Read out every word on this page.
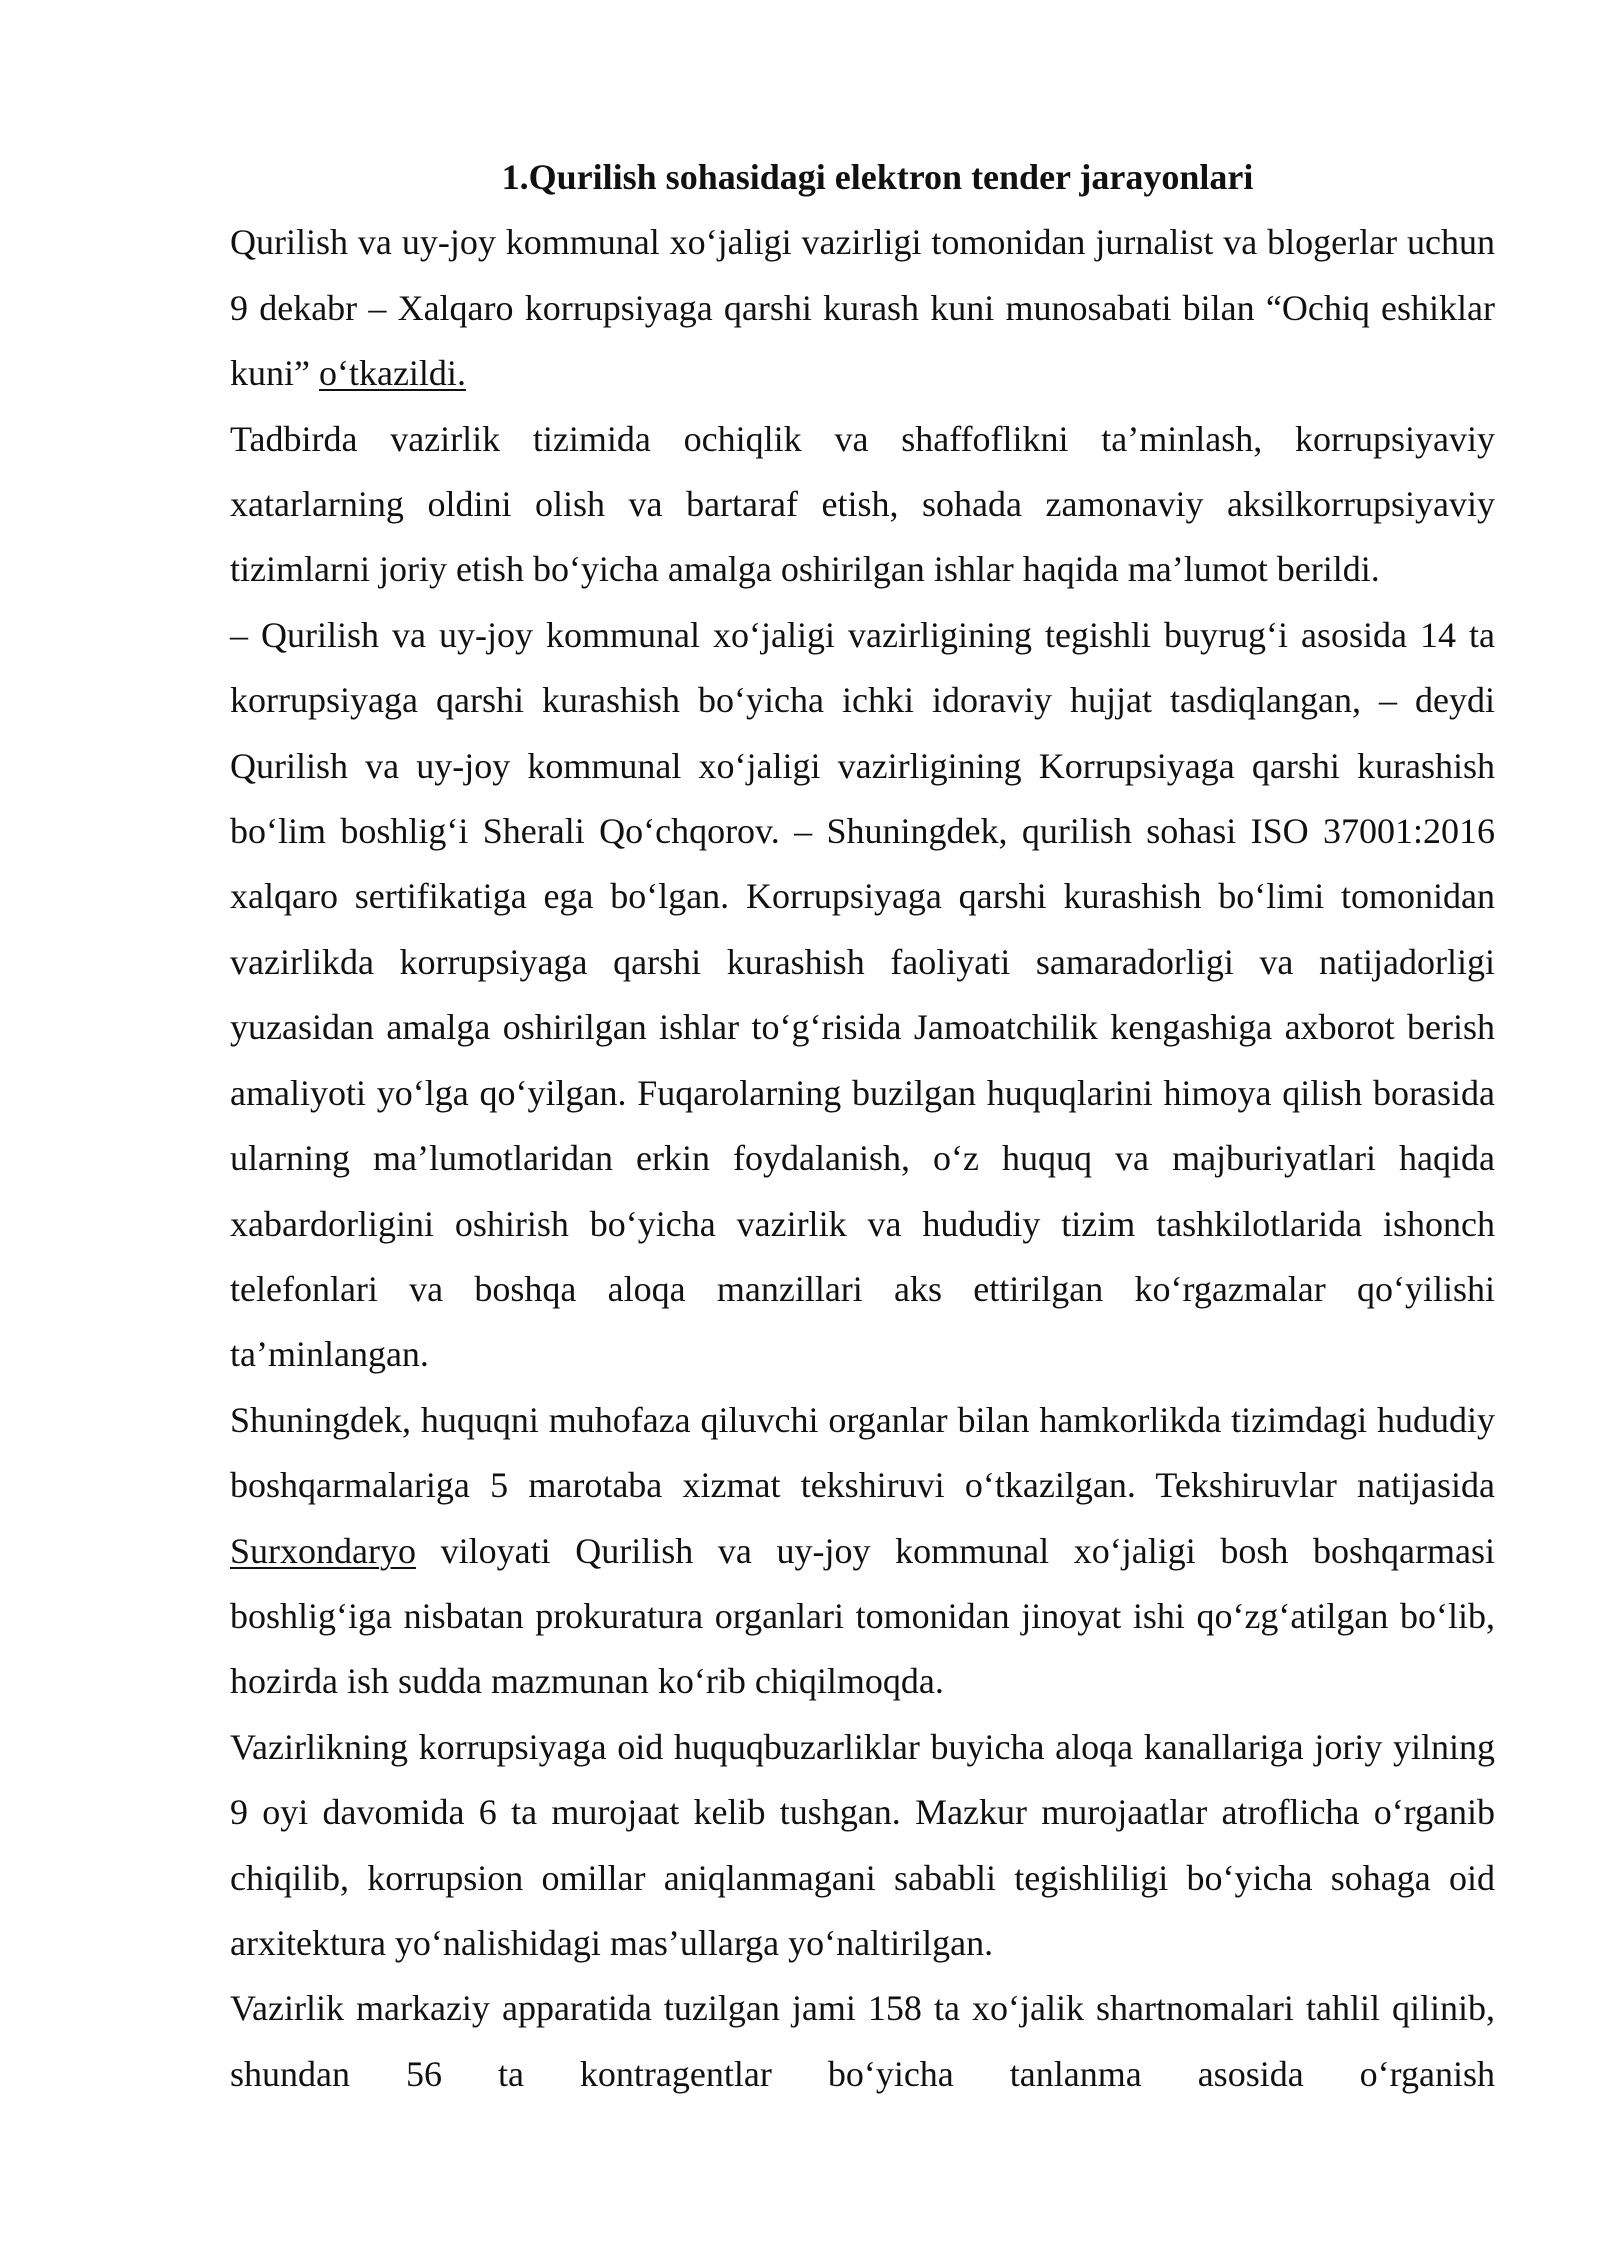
1.Qurilish sohasidagi elektron tender jarayonlari

Qurilish va uy-joy kommunal xo‘jaligi vazirligi tomonidan jurnalist va blogerlar uchun 9 dekabr – Xalqaro korrupsiyaga qarshi kurash kuni munosabati bilan “Ochiq eshiklar kuni” o‘tkazildi.

Tadbirda vazirlik tizimida ochiqlik va shaffoflikni ta’minlash, korrupsiyaviy xatarlarning oldini olish va bartaraf etish, sohada zamonaviy aksilkorrupsiyaviy tizimlarni joriy etish bo‘yicha amalga oshirilgan ishlar haqida ma’lumot berildi.

– Qurilish va uy-joy kommunal xo‘jaligi vazirligining tegishli buyrug‘i asosida 14 ta korrupsiyaga qarshi kurashish bo‘yicha ichki idoraviy hujjat tasdiqlangan, – deydi Qurilish va uy-joy kommunal xo‘jaligi vazirligining Korrupsiyaga qarshi kurashish bo‘lim boshlig‘i Sherali Qo‘chqorov. – Shuningdek, qurilish sohasi ISO 37001:2016 xalqaro sertifikatiga ega bo‘lgan. Korrupsiyaga qarshi kurashish bo‘limi tomonidan vazirlikda korrupsiyaga qarshi kurashish faoliyati samaradorligi va natijadorligi yuzasidan amalga oshirilgan ishlar to‘g‘risida Jamoatchilik kengashiga axborot berish amaliyoti yo‘lga qo‘yilgan. Fuqarolarning buzilgan huquqlarini himoya qilish borasida ularning ma’lumotlaridan erkin foydalanish, o‘z huquq va majburiyatlari haqida xabardorligini oshirish bo‘yicha vazirlik va hududiy tizim tashkilotlarida ishonch telefonlari va boshqa aloqa manzillari aks ettirilgan ko‘rgazmalar qo‘yilishi ta’minlangan.

Shuningdek, huquqni muhofaza qiluvchi organlar bilan hamkorlikda tizimdagi hududiy boshqarmalariga 5 marotaba xizmat tekshiruvi o‘tkazilgan. Tekshiruvlar natijasida Surxondaryo viloyati Qurilish va uy-joy kommunal xo‘jaligi bosh boshqarmasi boshlig‘iga nisbatan prokuratura organlari tomonidan jinoyat ishi qo‘zg‘atilgan bo‘lib, hozirda ish sudda mazmunan ko‘rib chiqilmoqda.

Vazirlikning korrupsiyaga oid huquqbuzarliklar buyicha aloqa kanallariga joriy yilning 9 oyi davomida 6 ta murojaat kelib tushgan. Mazkur murojaatlar atroflicha o‘rganib chiqilib, korrupsion omillar aniqlanmagani sababli tegishliligi bo‘yicha sohaga oid arxitektura yo‘nalishidagi mas’ullarga yo‘naltirilgan.

Vazirlik markaziy apparatida tuzilgan jami 158 ta xo‘jalik shartnomalari tahlil qilinib, shundan 56 ta kontragentlar bo‘yicha tanlanma asosida o‘rganish
